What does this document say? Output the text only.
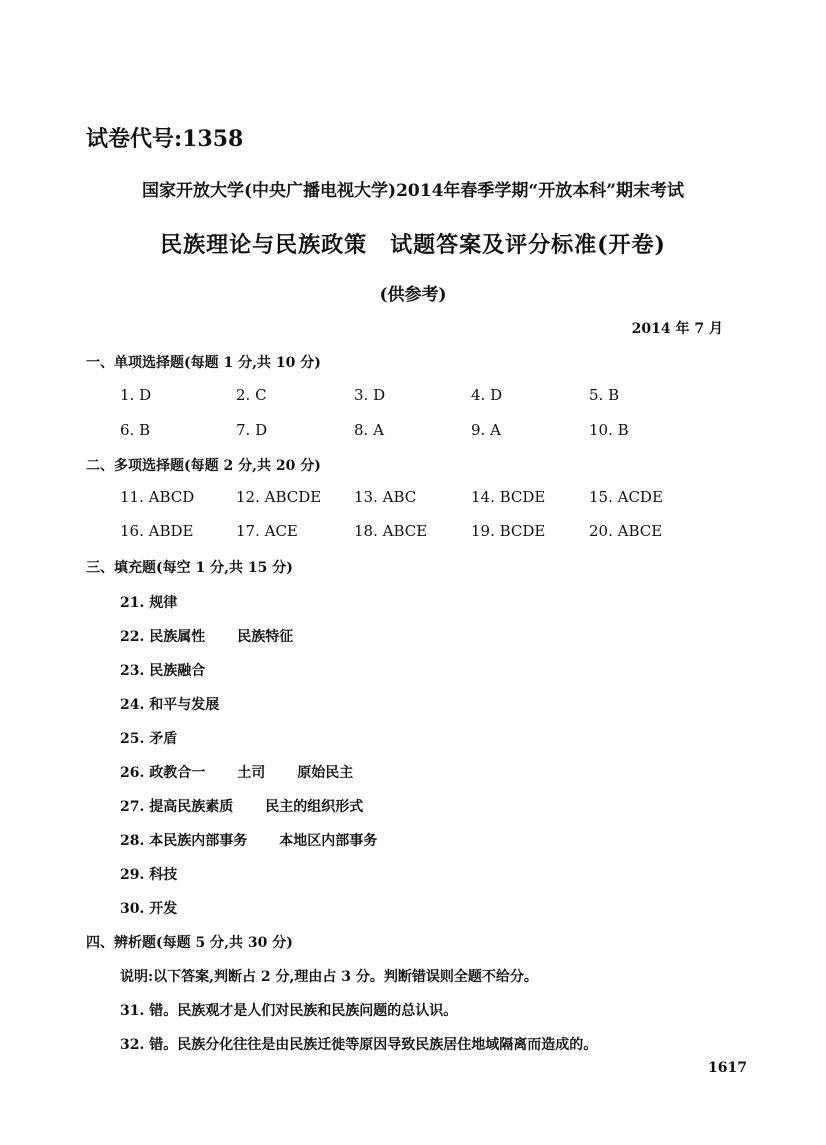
试卷代号:1358
国家开放大学(中央广播电视大学)2014年春季学期“开放本科”期末考试
民族理论与民族政策　试题答案及评分标准(开卷)
(供参考)
2014 年 7 月
一、单项选择题(每题 1 分,共 10 分)
1. D	2. C	3. D	4. D	5. B
6. B	7. D	8. A	9. A	10. B
二、多项选择题(每题 2 分,共 20 分)
11. ABCD	12. ABCDE 13. ABC	14. BCDE	15. ACDE
16. ABDE	17. ACE	18. ABCE	19. BCDE	20. ABCE
三、填充题(每空 1 分,共 15 分)
21. 规律
22. 民族属性 民族特征
23. 民族融合
24. 和平与发展
25. 矛盾
26. 政教合一 土司 原始民主
27. 提高民族素质 民主的组织形式
28. 本民族内部事务 本地区内部事务
29. 科技
30. 开发
四、辨析题(每题 5 分,共 30 分)
说明:以下答案,判断占 2 分,理由占 3 分。判断错误则全题不给分。
31. 错。民族观才是人们对民族和民族问题的总认识。
32. 错。民族分化往往是由民族迁徙等原因导致民族居住地域隔离而造成的。
1617
